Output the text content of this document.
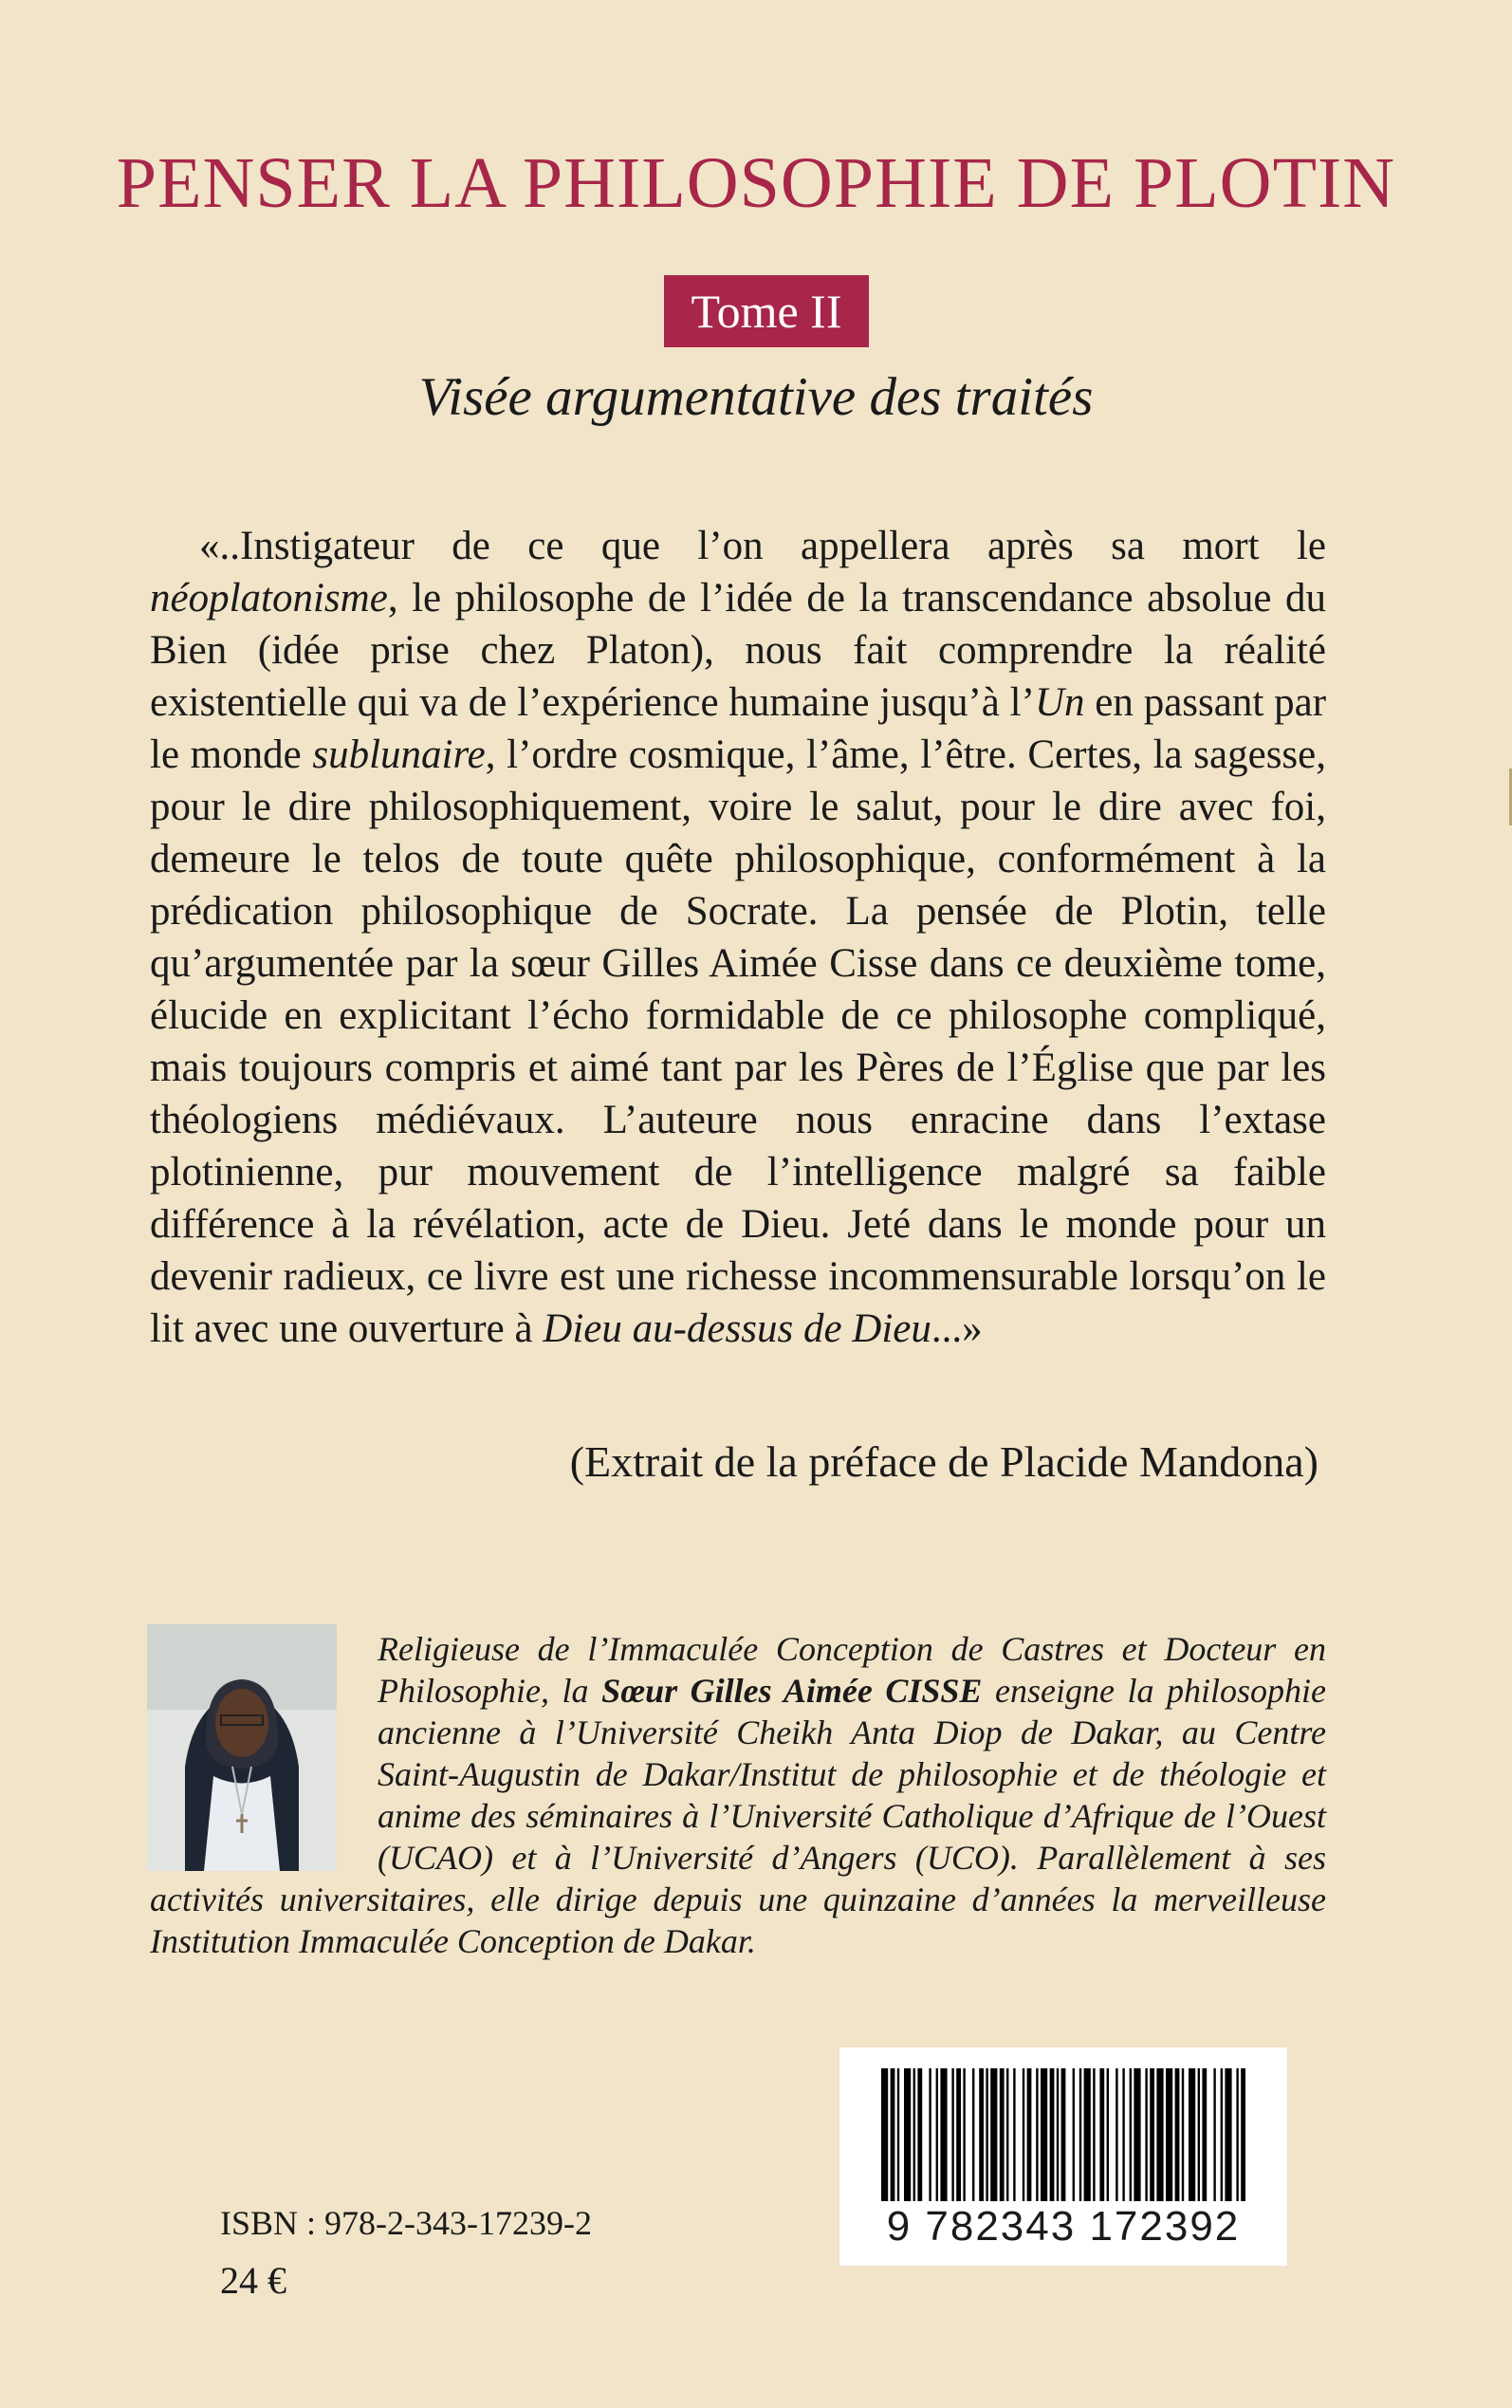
PENSER LA PHILOSOPHIE DE PLOTIN
Tome II
Visée argumentative des traités

«..Instigateur de ce que l’on appellera après sa mort le néoplatonisme, le philosophe de l’idée de la transcendance absolue du Bien (idée prise chez Platon), nous fait comprendre la réalité existentielle qui va de l’expérience humaine jusqu’à l’Un en passant par le monde sublunaire, l’ordre cosmique, l’âme, l’être. Certes, la sagesse, pour le dire philosophiquement, voire le salut, pour le dire avec foi, demeure le telos de toute quête philosophique, conformément à la prédication philosophique de Socrate. La pensée de Plotin, telle qu’argumentée par la sœur Gilles Aimée Cisse dans ce deuxième tome, élucide en explicitant l’écho formidable de ce philosophe compliqué, mais toujours compris et aimé tant par les Pères de l’Église que par les théologiens médiévaux. L’auteure nous enracine dans l’extase plotinienne, pur mouvement de l’intelligence malgré sa faible différence à la révélation, acte de Dieu. Jeté dans le monde pour un devenir radieux, ce livre est une richesse incommensurable lorsqu’on le lit avec une ouverture à Dieu au-dessus de Dieu...»

(Extrait de la préface de Placide Mandona)

Religieuse de l’Immaculée Conception de Castres et Docteur en Philosophie, la Sœur Gilles Aimée CISSE enseigne la philosophie ancienne à l’Université Cheikh Anta Diop de Dakar, au Centre Saint-Augustin de Dakar/Institut de philosophie et de théologie et anime des séminaires à l’Université Catholique d’Afrique de l’Ouest (UCAO) et à l’Université d’Angers (UCO). Parallèlement à ses activités universitaires, elle dirige depuis une quinzaine d’années la merveilleuse Institution Immaculée Conception de Dakar.

ISBN : 978-2-343-17239-2
24 €
9 782343 172392
